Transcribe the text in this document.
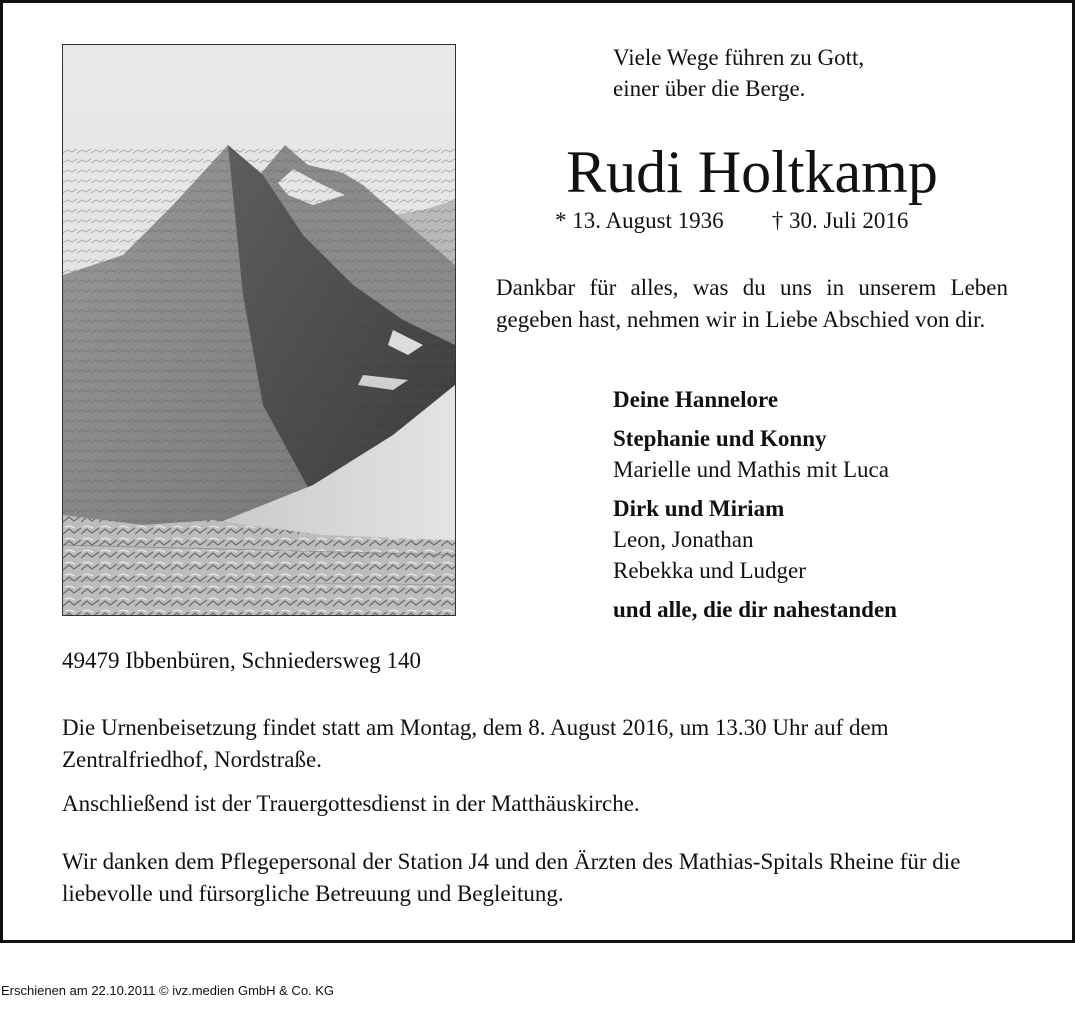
Viele Wege führen zu Gott,
einer über die Berge.
Rudi Holtkamp
* 13. August 1936 † 30. Juli 2016
Dankbar für alles, was du uns in unserem Leben gegeben hast, nehmen wir in Liebe Abschied von dir.
Deine Hannelore
Stephanie und Konny
Marielle und Mathis mit Luca
Dirk und Miriam
Leon, Jonathan
Rebekka und Ludger
und alle, die dir nahestanden
49479 Ibbenbüren, Schniedersweg 140
Die Urnenbeisetzung findet statt am Montag, dem 8. August 2016, um 13.30 Uhr auf dem Zentralfriedhof, Nordstraße.
Anschließend ist der Trauergottesdienst in der Matthäuskirche.
Wir danken dem Pflegepersonal der Station J4 und den Ärzten des Mathias-Spitals Rheine für die liebevolle und fürsorgliche Betreuung und Begleitung.
Erschienen am 22.10.2011 © ivz.medien GmbH & Co. KG
